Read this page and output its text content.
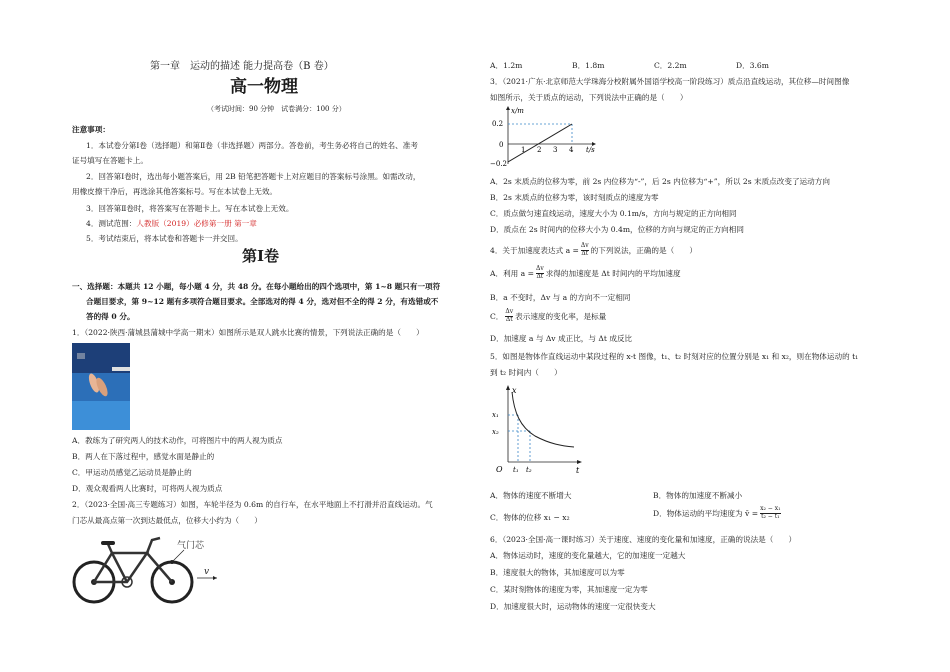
第一章　运动的描述 能力提高卷（B 卷）
高一物理
（考试时间：90 分钟　试卷满分：100 分）
注意事项：
1．本试卷分第Ⅰ卷（选择题）和第Ⅱ卷（非选择题）两部分。答卷前，考生务必将自己的姓名、准考
证号填写在答题卡上。
2．回答第Ⅰ卷时，选出每小题答案后，用 2B 铅笔把答题卡上对应题目的答案标号涂黑。如需改动，
用橡皮擦干净后，再选涂其他答案标号。写在本试卷上无效。
3．回答第Ⅱ卷时，将答案写在答题卡上。写在本试卷上无效。
4．测试范围：人教版（2019）必修第一册 第一章
5．考试结束后，将本试卷和答题卡一并交回。
第Ⅰ卷
一、选择题：本题共 12 小题，每小题 4 分，共 48 分。在每小题给出的四个选项中，第 1~8 题只有一项符
合题目要求，第 9~12 题有多项符合题目要求。全部选对的得 4 分，选对但不全的得 2 分，有选错或不
答的得 0 分。
1．（2022·陕西·蒲城县蒲城中学高一期末）如图所示是双人跳水比赛的情景，下列说法正确的是（　　）
A．教练为了研究两人的技术动作，可将图片中的两人视为质点
B．两人在下落过程中，感觉水面是静止的
C．甲运动员感觉乙运动员是静止的
D．观众观看两人比赛时，可将两人视为质点
2．（2023·全国·高三专题练习）如图，车轮半径为 0.6m 的自行车，在水平地面上不打滑并沿直线运动。气
门芯从最高点第一次到达最低点，位移大小约为（　　）
气门芯
v
A．1.2m	B．1.8m	C．2.2m	D．3.6m
3．（2021·广东·北京师范大学珠海分校附属外国语学校高一阶段练习）质点沿直线运动，其位移—时间图像
如图所示，关于质点的运动，下列说法中正确的是（　　）
x/m
t/s
0.2
0
−0.2
1 2 3 4
A．2s 末质点的位移为零，前 2s 内位移为“-”，后 2s 内位移为“+”，所以 2s 末质点改变了运动方向
B．2s 末质点的位移为零，该时刻质点的速度为零
C．质点做匀速直线运动，速度大小为 0.1m/s，方向与规定的正方向相同
D．质点在 2s 时间内的位移大小为 0.4m，位移的方向与规定的正方向相同
4．关于加速度表达式 $a = \frac{\Delta v}{\Delta t}$ 的下列说法，正确的是（　　）
A．利用 $a = \frac{\Delta v}{\Delta t}$ 求得的加速度是 Δt 时间内的平均加速度
B．a 不变时，Δv 与 a 的方向不一定相同
C． $\frac{\Delta v}{\Delta t}$ 表示速度的变化率，是标量
D．加速度 a 与 Δv 成正比，与 Δt 成反比
5．如图是物体作直线运动中某段过程的 x-t 图像，t₁、t₂ 时刻对应的位置分别是 x₁ 和 x₂，则在物体运动的 t₁
到 t₂ 时间内（　　）
x
t
O
x₁
x₂
t₁ t₂
A．物体的速度不断增大	B．物体的加速度不断减小
C．物体的位移 x₁ − x₂	D．物体运动的平均速度为 v̄ = $\frac{\text{x₂ − x₁}}{\text{t₂ − t₁}}$
6．（2023·全国·高一课时练习）关于速度、速度的变化量和加速度，正确的说法是（　　）
A．物体运动时，速度的变化量越大，它的加速度一定越大
B．速度很大的物体，其加速度可以为零
C．某时刻物体的速度为零，其加速度一定为零
D．加速度很大时，运动物体的速度一定很快变大
